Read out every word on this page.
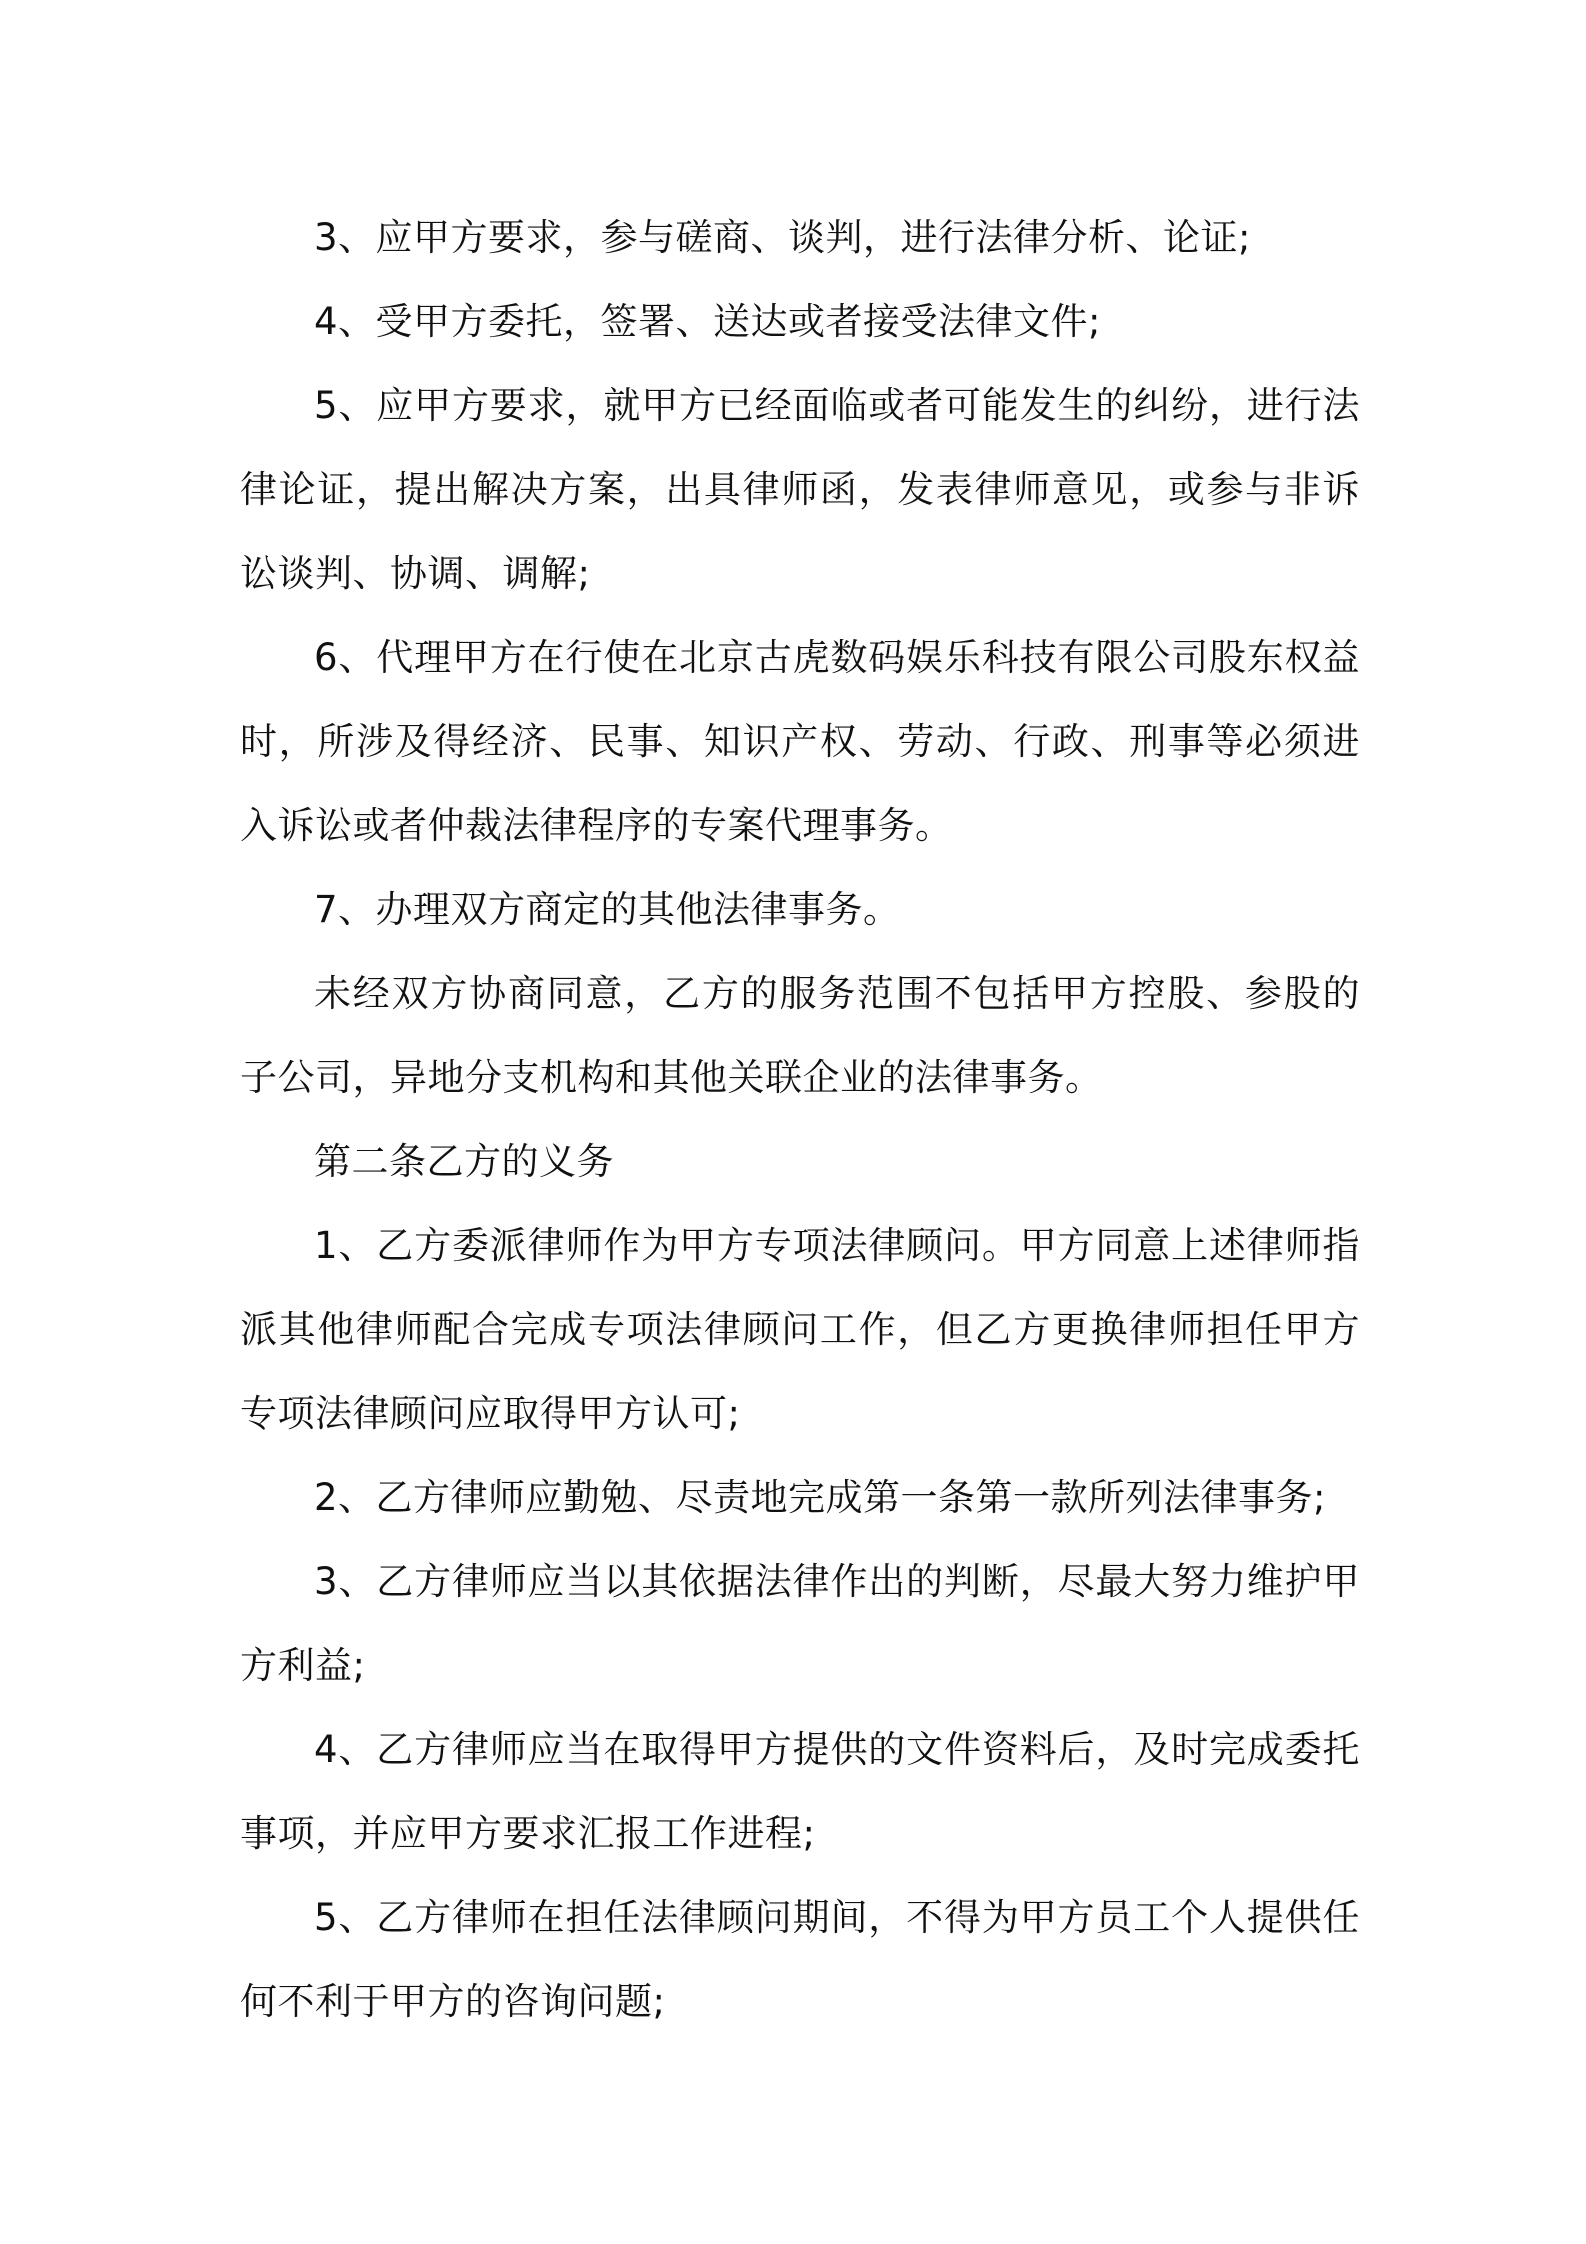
3、应甲方要求，参与磋商、谈判，进行法律分析、论证;

4、受甲方委托，签署、送达或者接受法律文件;

5、应甲方要求，就甲方已经面临或者可能发生的纠纷，进行法律论证，提出解决方案，出具律师函，发表律师意见，或参与非诉讼谈判、协调、调解;

6、代理甲方在行使在北京古虎数码娱乐科技有限公司股东权益时，所涉及得经济、民事、知识产权、劳动、行政、刑事等必须进入诉讼或者仲裁法律程序的专案代理事务。

7、办理双方商定的其他法律事务。

未经双方协商同意，乙方的服务范围不包括甲方控股、参股的子公司，异地分支机构和其他关联企业的法律事务。

第二条乙方的义务

1、乙方委派律师作为甲方专项法律顾问。甲方同意上述律师指派其他律师配合完成专项法律顾问工作，但乙方更换律师担任甲方专项法律顾问应取得甲方认可;

2、乙方律师应勤勉、尽责地完成第一条第一款所列法律事务;

3、乙方律师应当以其依据法律作出的判断，尽最大努力维护甲方利益;

4、乙方律师应当在取得甲方提供的文件资料后，及时完成委托事项，并应甲方要求汇报工作进程;

5、乙方律师在担任法律顾问期间，不得为甲方员工个人提供任何不利于甲方的咨询问题;
